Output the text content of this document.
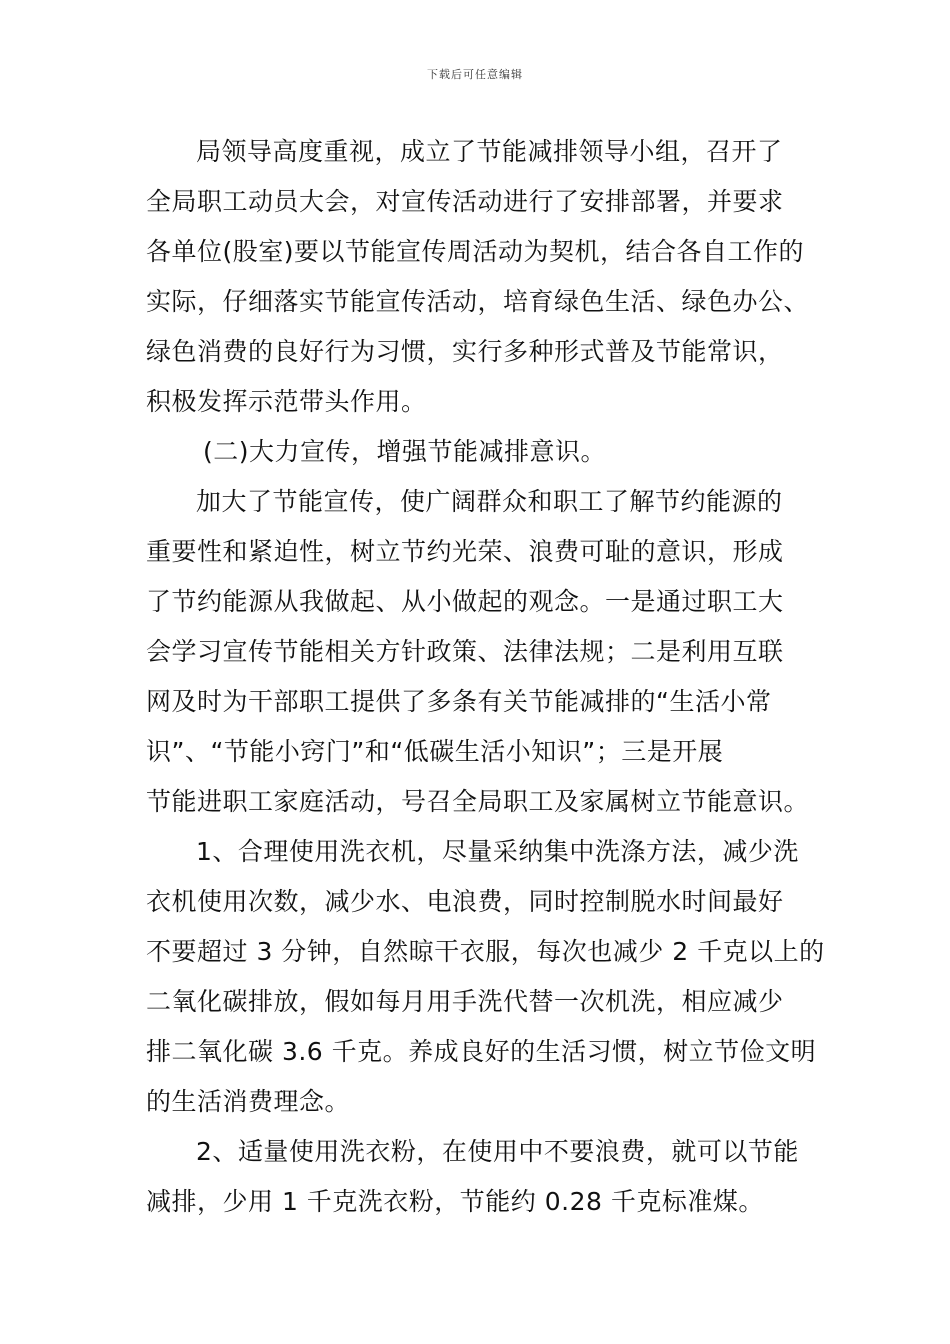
下载后可任意编辑
局领导高度重视，成立了节能减排领导小组，召开了
全局职工动员大会，对宣传活动进行了安排部署，并要求
各单位(股室)要以节能宣传周活动为契机，结合各自工作的
实际，仔细落实节能宣传活动，培育绿色生活、绿色办公、
绿色消费的良好行为习惯，实行多种形式普及节能常识，
积极发挥示范带头作用。
(二)大力宣传，增强节能减排意识。
加大了节能宣传，使广阔群众和职工了解节约能源的
重要性和紧迫性，树立节约光荣、浪费可耻的意识，形成
了节约能源从我做起、从小做起的观念。一是通过职工大
会学习宣传节能相关方针政策、法律法规；二是利用互联
网及时为干部职工提供了多条有关节能减排的“生活小常
识”、“节能小窍门”和“低碳生活小知识”；三是开展
节能进职工家庭活动，号召全局职工及家属树立节能意识。
1、合理使用洗衣机，尽量采纳集中洗涤方法，减少洗
衣机使用次数，减少水、电浪费，同时控制脱水时间最好
不要超过 3 分钟，自然晾干衣服，每次也减少 2 千克以上的
二氧化碳排放，假如每月用手洗代替一次机洗，相应减少
排二氧化碳 3.6 千克。养成良好的生活习惯，树立节俭文明
的生活消费理念。
2、适量使用洗衣粉，在使用中不要浪费，就可以节能
减排，少用 1 千克洗衣粉，节能约 0.28 千克标准煤。
